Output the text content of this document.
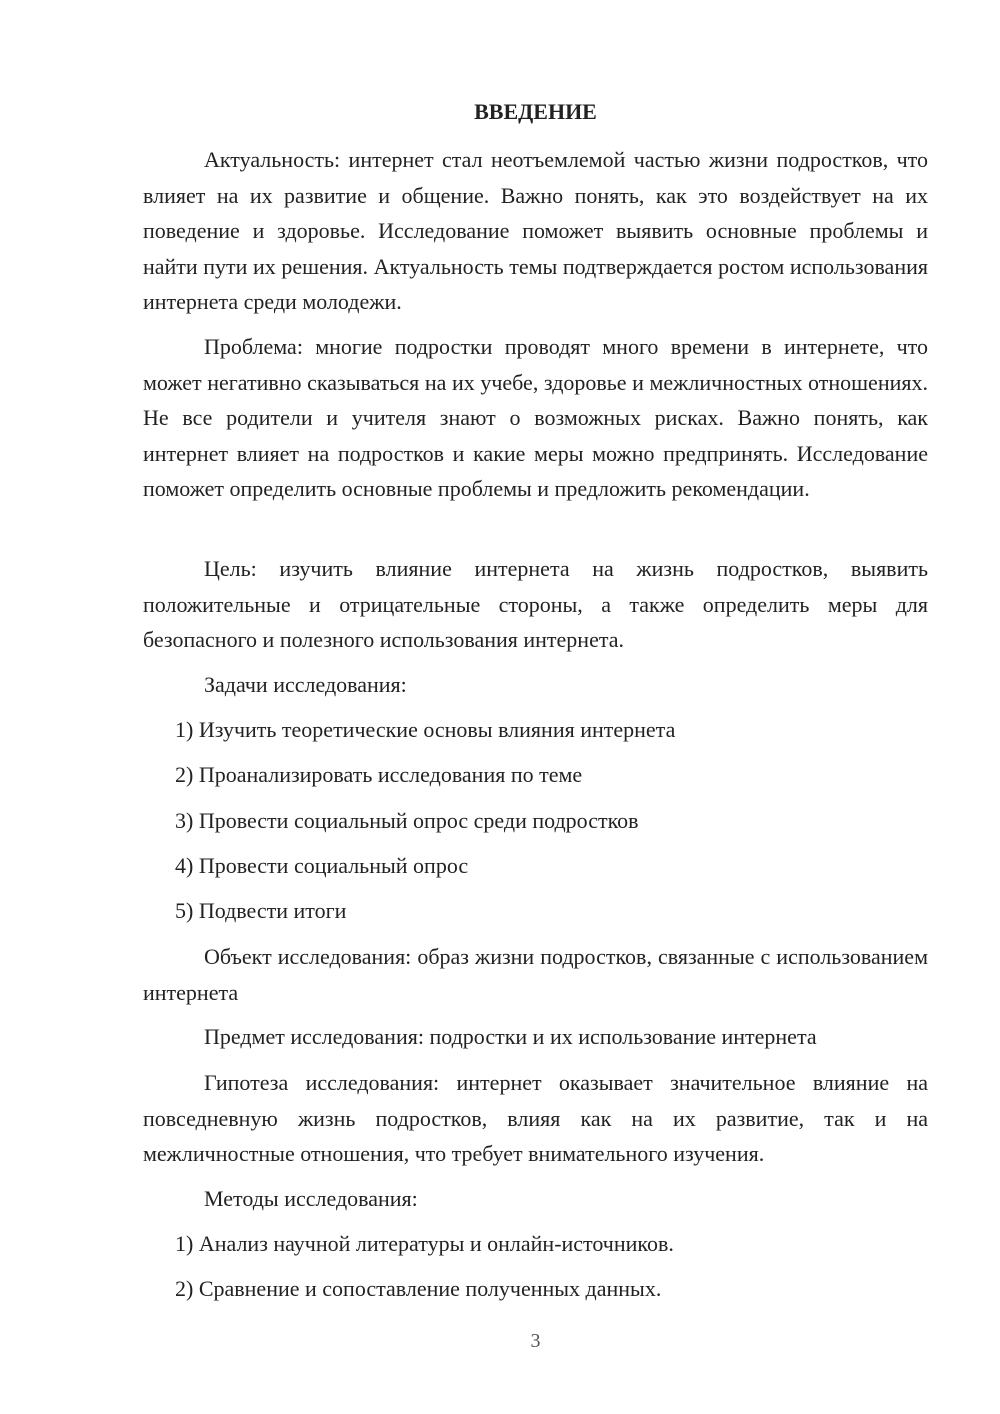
ВВЕДЕНИЕ

Актуальность: интернет стал неотъемлемой частью жизни подростков, что влияет на их развитие и общение. Важно понять, как это воздействует на их поведение и здоровье. Исследование поможет выявить основные проблемы и найти пути их решения. Актуальность темы подтверждается ростом использования интернета среди молодежи.

Проблема: многие подростки проводят много времени в интернете, что может негативно сказываться на их учебе, здоровье и межличностных отношениях. Не все родители и учителя знают о возможных рисках. Важно понять, как интернет влияет на подростков и какие меры можно предпринять. Исследование поможет определить основные проблемы и предложить рекомендации.

Цель: изучить влияние интернета на жизнь подростков, выявить положительные и отрицательные стороны, а также определить меры для безопасного и полезного использования интернета.

Задачи исследования:

1) Изучить теоретические основы влияния интернета

2) Проанализировать исследования по теме

3) Провести социальный опрос среди подростков

4) Провести социальный опрос

5) Подвести итоги

Объект исследования: образ жизни подростков, связанные с использованием интернета

Предмет исследования: подростки и их использование интернета

Гипотеза исследования: интернет оказывает значительное влияние на повседневную жизнь подростков, влияя как на их развитие, так и на межличностные отношения, что требует внимательного изучения.

Методы исследования:

1) Анализ научной литературы и онлайн-источников.

2) Сравнение и сопоставление полученных данных.

3
